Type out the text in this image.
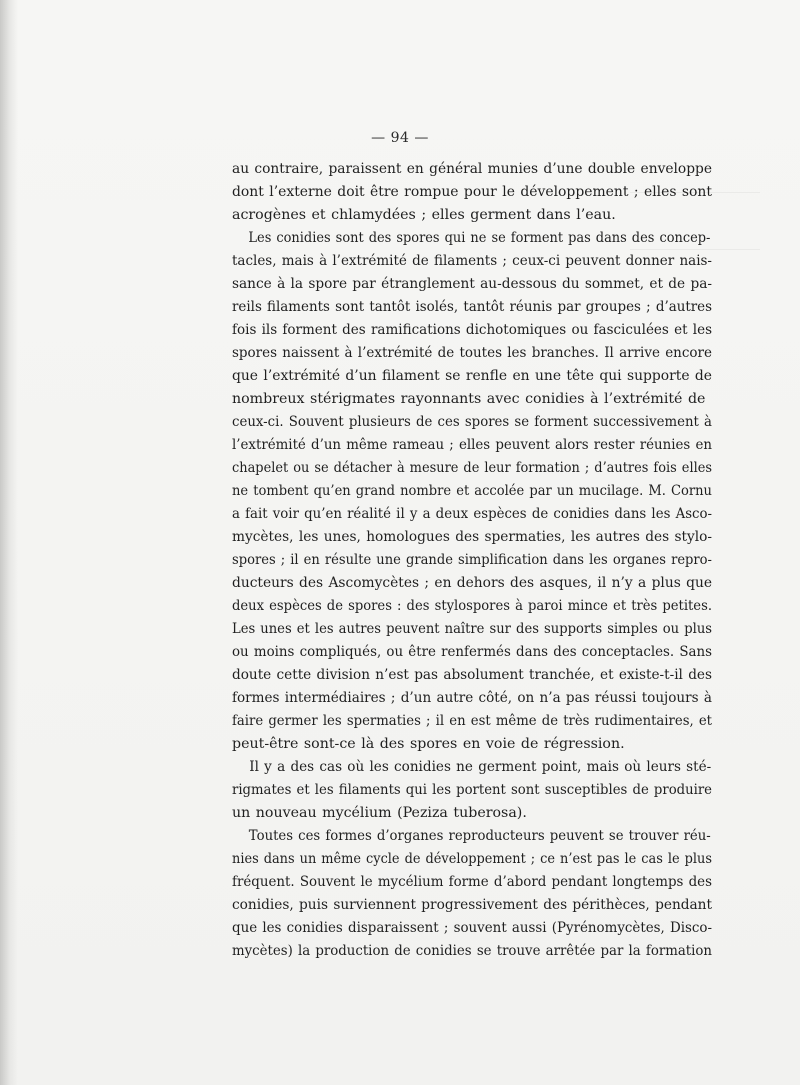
— 94 —
au contraire, paraissent en général munies d’une double enveloppe
dont l’externe doit être rompue pour le développement ; elles sont
acrogènes et chlamydées ; elles germent dans l’eau.
Les conidies sont des spores qui ne se forment pas dans des concep-
tacles, mais à l’extrémité de filaments ; ceux-ci peuvent donner nais-
sance à la spore par étranglement au-dessous du sommet, et de pa-
reils filaments sont tantôt isolés, tantôt réunis par groupes ; d’autres
fois ils forment des ramifications dichotomiques ou fasciculées et les
spores naissent à l’extrémité de toutes les branches. Il arrive encore
que l’extrémité d’un filament se renfle en une tête qui supporte de
nombreux stérigmates rayonnants avec conidies à l’extrémité de
ceux-ci. Souvent plusieurs de ces spores se forment successivement à
l’extrémité d’un même rameau ; elles peuvent alors rester réunies en
chapelet ou se détacher à mesure de leur formation ; d’autres fois elles
ne tombent qu’en grand nombre et accolée par un mucilage. M. Cornu
a fait voir qu’en réalité il y a deux espèces de conidies dans les Asco-
mycètes, les unes, homologues des spermaties, les autres des stylo-
spores ; il en résulte une grande simplification dans les organes repro-
ducteurs des Ascomycètes ; en dehors des asques, il n’y a plus que
deux espèces de spores : des stylospores à paroi mince et très petites.
Les unes et les autres peuvent naître sur des supports simples ou plus
ou moins compliqués, ou être renfermés dans des conceptacles. Sans
doute cette division n’est pas absolument tranchée, et existe-t-il des
formes intermédiaires ; d’un autre côté, on n’a pas réussi toujours à
faire germer les spermaties ; il en est même de très rudimentaires, et
peut-être sont-ce là des spores en voie de régression.
Il y a des cas où les conidies ne germent point, mais où leurs sté-
rigmates et les filaments qui les portent sont susceptibles de produire
un nouveau mycélium (Peziza tuberosa).
Toutes ces formes d’organes reproducteurs peuvent se trouver réu-
nies dans un même cycle de développement ; ce n’est pas le cas le plus
fréquent. Souvent le mycélium forme d’abord pendant longtemps des
conidies, puis surviennent progressivement des périthèces, pendant
que les conidies disparaissent ; souvent aussi (Pyrénomycètes, Disco-
mycètes) la production de conidies se trouve arrêtée par la formation
